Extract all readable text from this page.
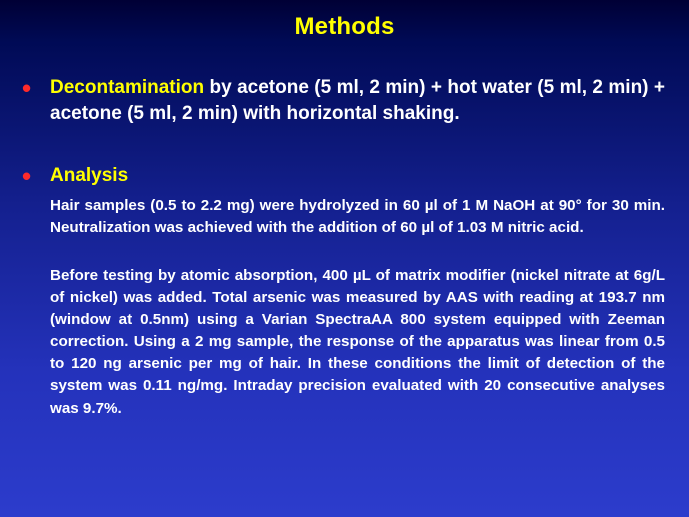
Methods
• Decontamination by acetone (5 ml, 2 min) + hot water (5 ml, 2 min) + acetone (5 ml, 2 min) with horizontal shaking.
• Analysis
Hair samples (0.5 to 2.2 mg) were hydrolyzed in 60 µl of 1 M NaOH at 90° for 30 min. Neutralization was achieved with the addition of 60 µl of 1.03 M nitric acid.
Before testing by atomic absorption, 400 µL of matrix modifier (nickel nitrate at 6g/L of nickel) was added. Total arsenic was measured by AAS with reading at 193.7 nm (window at 0.5nm) using a Varian SpectraAA 800 system equipped with Zeeman correction. Using a 2 mg sample, the response of the apparatus was linear from 0.5 to 120 ng arsenic per mg of hair. In these conditions the limit of detection of the system was 0.11 ng/mg. Intraday precision evaluated with 20 consecutive analyses was 9.7%.
